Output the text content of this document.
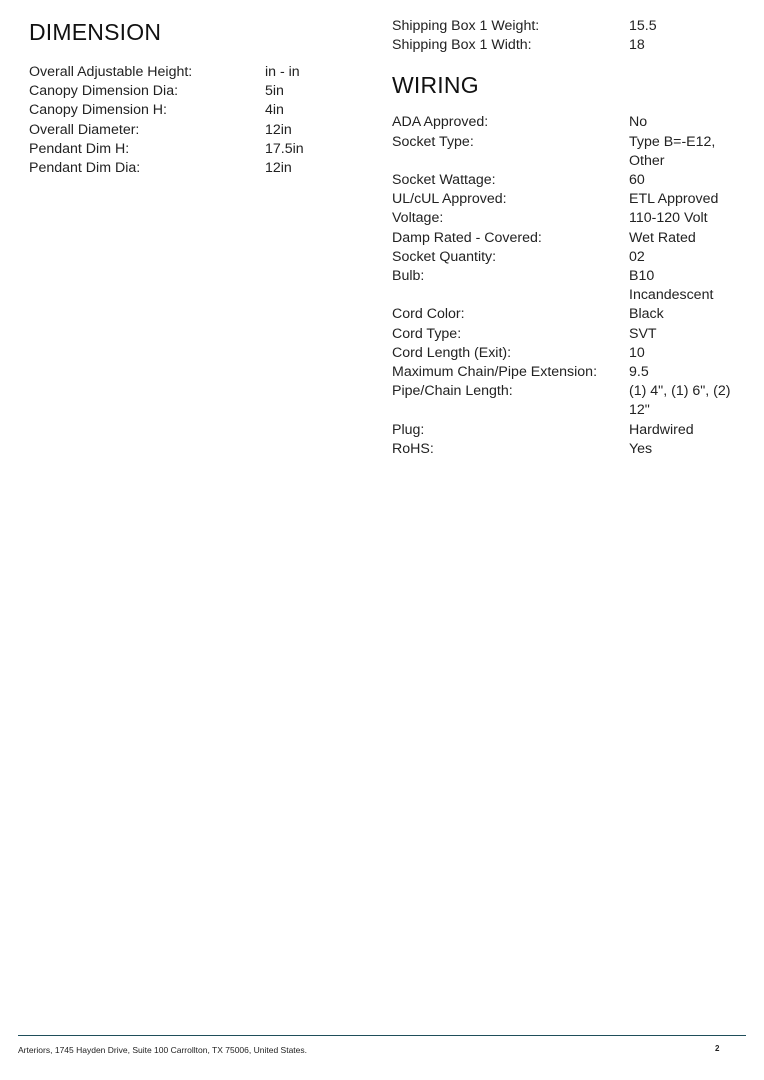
DIMENSION
Overall Adjustable Height:	in - in
Canopy Dimension Dia:	5in
Canopy Dimension H:	4in
Overall Diameter:	12in
Pendant Dim H:	17.5in
Pendant Dim Dia:	12in
Shipping Box 1 Weight:	15.5
Shipping Box 1 Width:	18
WIRING
ADA Approved:	No
Socket Type:	Type B=-E12, Other
Socket Wattage:	60
UL/cUL Approved:	ETL Approved
Voltage:	110-120 Volt
Damp Rated - Covered:	Wet Rated
Socket Quantity:	02
Bulb:	B10 Incandescent
Cord Color:	Black
Cord Type:	SVT
Cord Length (Exit):	10
Maximum Chain/Pipe Extension:	9.5
Pipe/Chain Length:	(1) 4", (1) 6", (2) 12"
Plug:	Hardwired
RoHS:	Yes
Arteriors, 1745 Hayden Drive, Suite 100 Carrollton, TX 75006, United States.	2
